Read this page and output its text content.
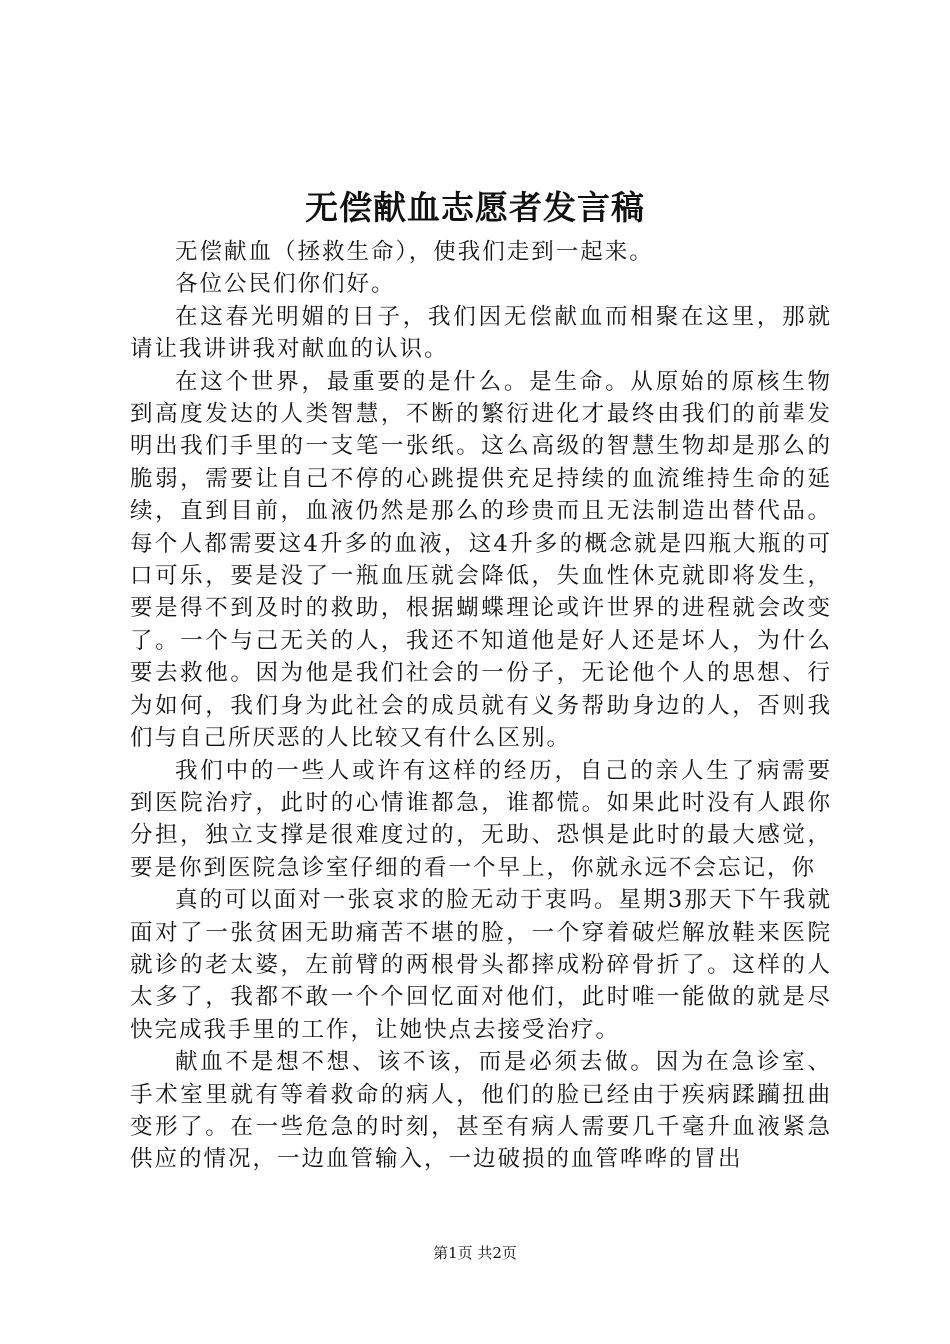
无偿献血志愿者发言稿

无偿献血（拯救生命），使我们走到一起来。

各位公民们你们好。

在这春光明媚的日子，我们因无偿献血而相聚在这里，那就请让我讲讲我对献血的认识。

在这个世界，最重要的是什么。是生命。从原始的原核生物到高度发达的人类智慧，不断的繁衍进化才最终由我们的前辈发明出我们手里的一支笔一张纸。这么高级的智慧生物却是那么的脆弱，需要让自己不停的心跳提供充足持续的血流维持生命的延续，直到目前，血液仍然是那么的珍贵而且无法制造出替代品。每个人都需要这4升多的血液，这4升多的概念就是四瓶大瓶的可口可乐，要是没了一瓶血压就会降低，失血性休克就即将发生，要是得不到及时的救助，根据蝴蝶理论或许世界的进程就会改变了。一个与己无关的人，我还不知道他是好人还是坏人，为什么要去救他。因为他是我们社会的一份子，无论他个人的思想、行为如何，我们身为此社会的成员就有义务帮助身边的人，否则我们与自己所厌恶的人比较又有什么区别。

我们中的一些人或许有这样的经历，自己的亲人生了病需要到医院治疗，此时的心情谁都急，谁都慌。如果此时没有人跟你分担，独立支撑是很难度过的，无助、恐惧是此时的最大感觉，要是你到医院急诊室仔细的看一个早上，你就永远不会忘记，你

真的可以面对一张哀求的脸无动于衷吗。星期3那天下午我就面对了一张贫困无助痛苦不堪的脸，一个穿着破烂解放鞋来医院就诊的老太婆，左前臂的两根骨头都摔成粉碎骨折了。这样的人太多了，我都不敢一个个回忆面对他们，此时唯一能做的就是尽快完成我手里的工作，让她快点去接受治疗。

献血不是想不想、该不该，而是必须去做。因为在急诊室、手术室里就有等着救命的病人，他们的脸已经由于疾病蹂躏扭曲变形了。在一些危急的时刻，甚至有病人需要几千毫升血液紧急供应的情况，一边血管输入，一边破损的血管哗哗的冒出

第1页 共2页
